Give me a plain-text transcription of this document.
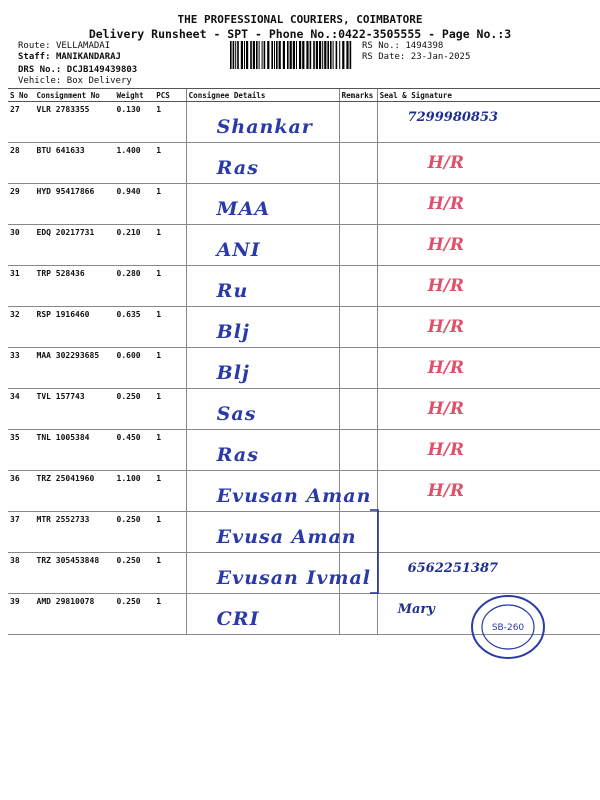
THE PROFESSIONAL COURIERS, COIMBATORE
Delivery Runsheet - SPT - Phone No.:0422-3505555 - Page No.:3
Route: VELLAMADAI
Staff: MANIKANDARAJ
DRS No.: DCJB149439803
Vehicle: Box Delivery
RS No.: 1494398
RS Date: 23-Jan-2025
S No	Consignment No	Weight	PCS	Consignee Details	Remarks	Seal & Signature
27	VLR 2783355	0.130	1	Shankar		7299980853

28	BTU 641633	1.400	1	Ras		H/R

29	HYD 95417866	0.940	1	MAA		H/R

30	EDQ 20217731	0.210	1	ANI		H/R

31	TRP 528436	0.280	1	Ru		H/R

32	RSP 1916460	0.635	1	Blj		H/R

33	MAA 302293685	0.600	1	Blj		H/R

34	TVL 157743	0.250	1	Sas		H/R

35	TNL 1005384	0.450	1	Ras		H/R

36	TRZ 25041960	1.100	1	Evusan Aman		H/R

37	MTR 2552733	0.250	1	Evusa Aman		

38	TRZ 305453848	0.250	1	Evusan Ivmal		6562251387

39	AMD 29810078	0.250	1	CRI		Mary
SB-260
